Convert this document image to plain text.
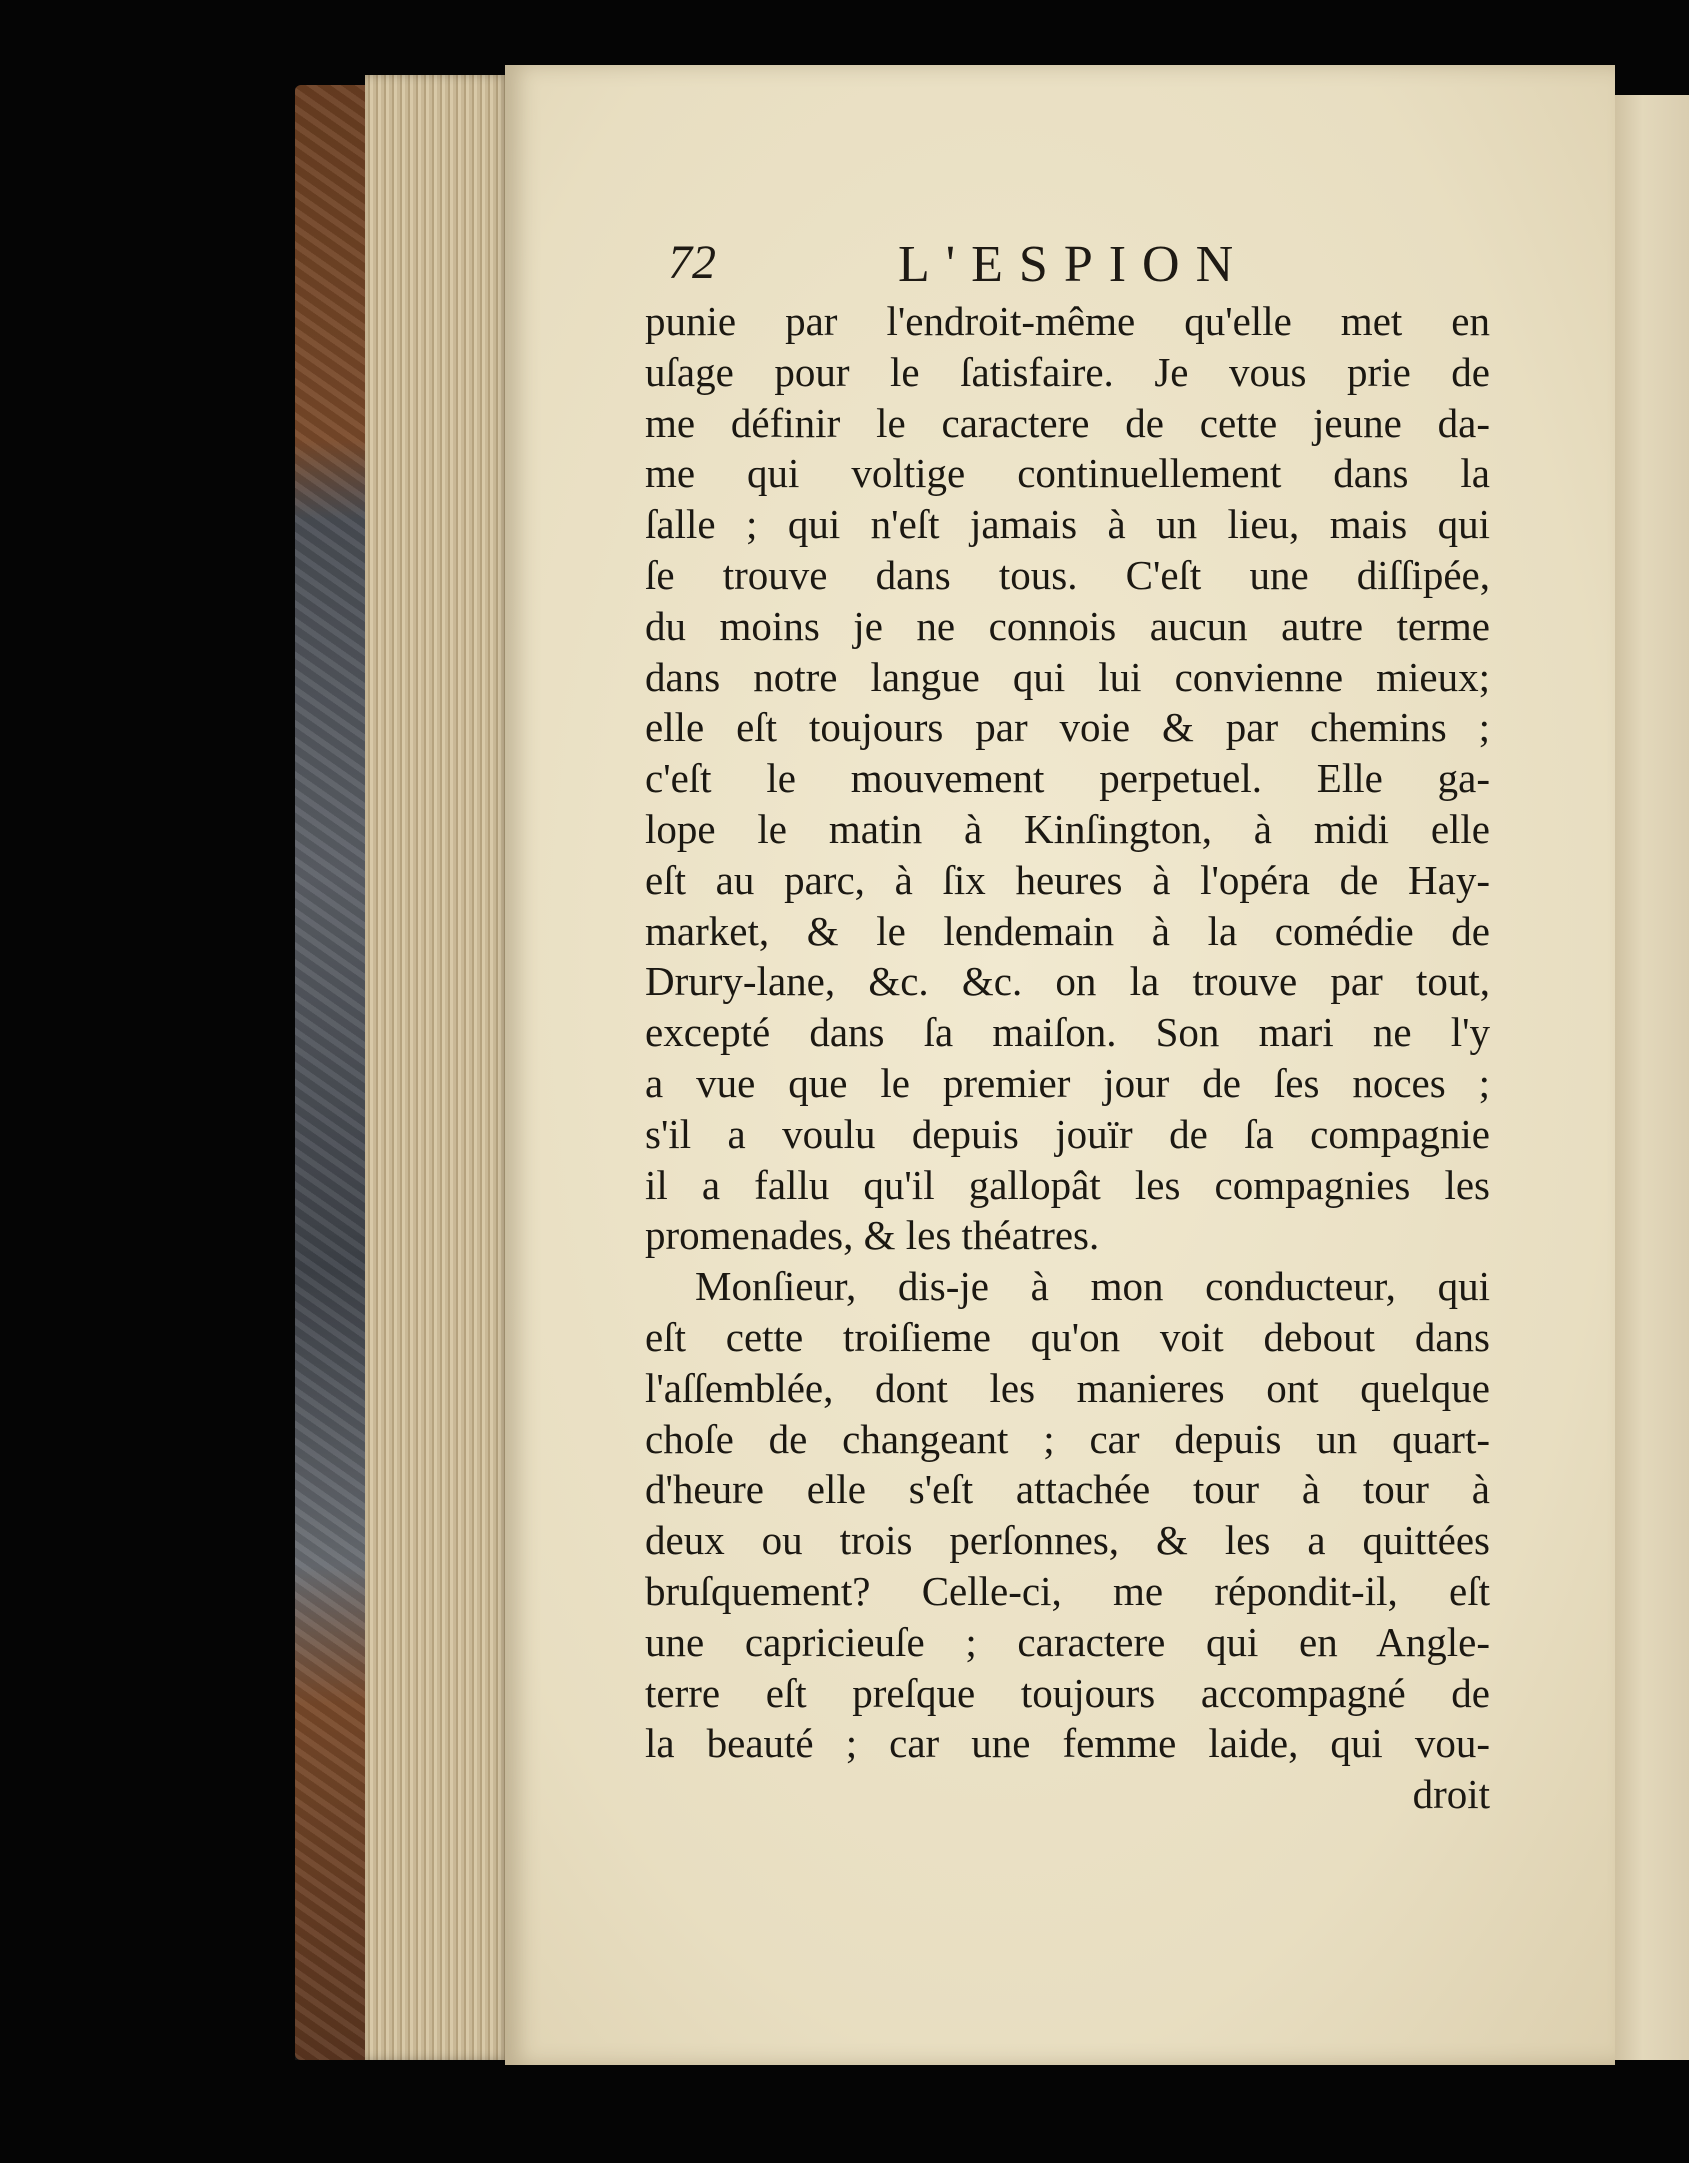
72	L'ESPION
punie par l'endroit-même qu'elle met en
uſage pour le ſatisfaire. Je vous prie de
me définir le caractere de cette jeune da-
me qui voltige continuellement dans la
ſalle ; qui n'eſt jamais à un lieu, mais qui
ſe trouve dans tous. C'eſt une diſſipée,
du moins je ne connois aucun autre terme
dans notre langue qui lui convienne mieux;
elle eſt toujours par voie & par chemins ;
c'eſt le mouvement perpetuel. Elle ga-
lope le matin à Kinſington, à midi elle
eſt au parc, à ſix heures à l'opéra de Hay-
market, & le lendemain à la comédie de
Drury-lane, &c. &c. on la trouve par tout,
excepté dans ſa maiſon. Son mari ne l'y
a vue que le premier jour de ſes noces ;
s'il a voulu depuis jouïr de ſa compagnie
il a fallu qu'il gallopât les compagnies les
promenades, & les théatres.
Monſieur, dis-je à mon conducteur, qui
eſt cette troiſieme qu'on voit debout dans
l'aſſemblée, dont les manieres ont quelque
choſe de changeant ; car depuis un quart-
d'heure elle s'eſt attachée tour à tour à
deux ou trois perſonnes, & les a quittées
bruſquement? Celle-ci, me répondit-il, eſt
une capricieuſe ; caractere qui en Angle-
terre eſt preſque toujours accompagné de
la beauté ; car une femme laide, qui vou-
droit
